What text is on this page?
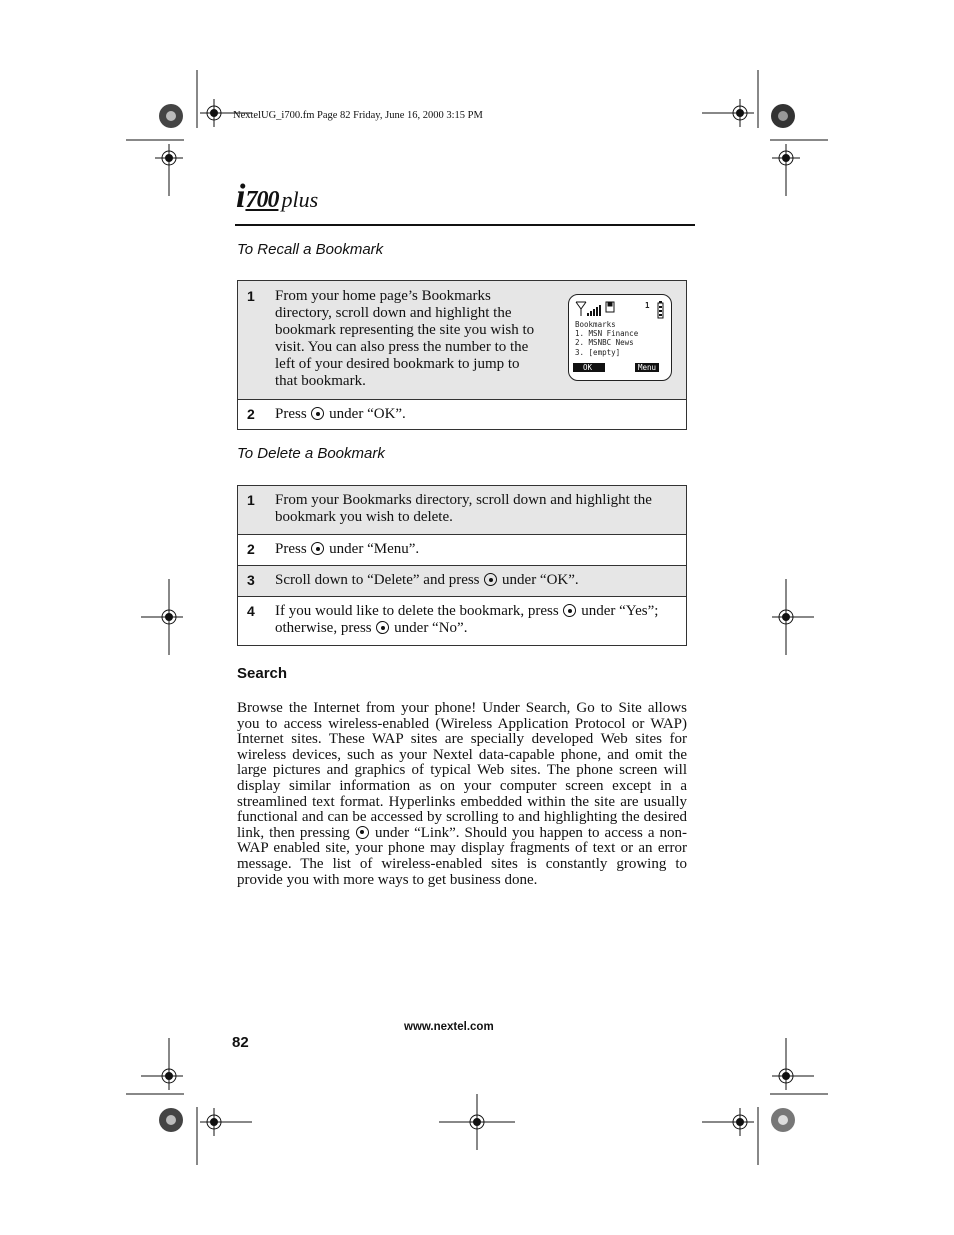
NextelUG_i700.fm Page 82 Friday, June 16, 2000 3:15 PM
i700 plus
To Recall a Bookmark
1	From your home page’s Bookmarks directory, scroll down and highlight the bookmark representing the site you wish to visit. You can also press the number to the left of your desired bookmark to jump to that bookmark.
1
Bookmarks
1. MSN Finance
2. MSNBC News
3. [empty]
OK	Menu
2	Press under “OK”.
To Delete a Bookmark
1	From your Bookmarks directory, scroll down and highlight the bookmark you wish to delete.
2	Press under “Menu”.
3	Scroll down to “Delete” and press under “OK”.
4	If you would like to delete the bookmark, press under “Yes”; otherwise, press under “No”.
Search
Browse the Internet from your phone! Under Search, Go to Site allows you to access wireless-enabled (Wireless Application Protocol or WAP) Internet sites. These WAP sites are specially developed Web sites for wireless devices, such as your Nextel data-capable phone, and omit the large pictures and graphics of typical Web sites. The phone screen will display similar information as on your computer screen except in a streamlined text format. Hyperlinks embedded within the site are usually functional and can be accessed by scrolling to and highlighting the desired link, then pressing under “Link”. Should you happen to access a non-WAP enabled site, your phone may display fragments of text or an error message. The list of wireless-enabled sites is constantly growing to provide you with more ways to get business done.
www.nextel.com
82
